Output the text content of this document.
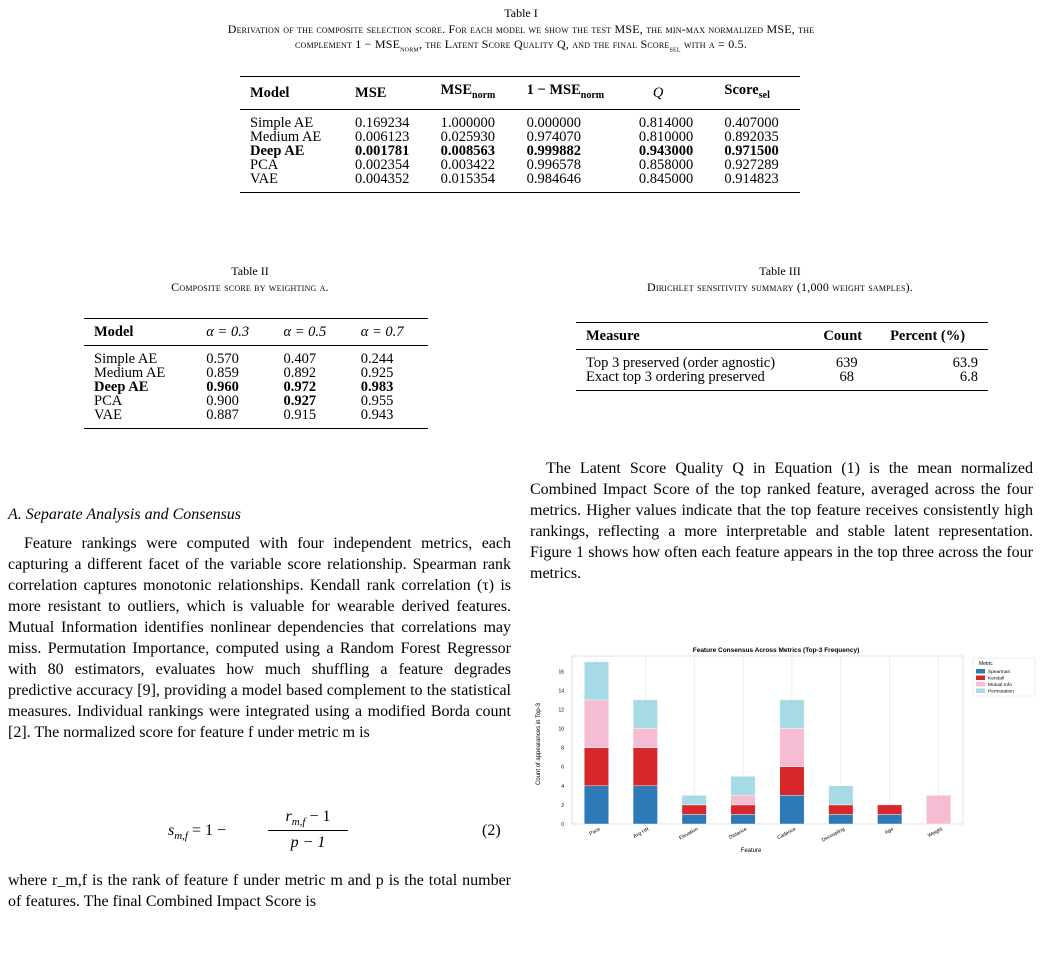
Table I
Derivation of the composite selection score. For each model we show the test MSE, the min-max normalized MSE, the
complement $1 - MSE_{norm}$, the Latent Score Quality Q, and the final Score$_{sel}$ with α = 0.5.
Model	MSE	$MSE_{norm}$	$1 - MSE_{norm}$	Q	Score$_{sel}$
Simple AE	0.169234	1.000000	0.000000	0.814000	0.407000
Medium AE	0.006123	0.025930	0.974070	0.810000	0.892035
Deep AE	0.001781	0.008563	0.999882	0.943000	0.971500
PCA	0.002354	0.003422	0.996578	0.858000	0.927289
VAE	0.004352	0.015354	0.984646	0.845000	0.914823
Table II
Composite score by weighting α.
Model	α = 0.3	α = 0.5	α = 0.7
Simple AE	0.570	0.407	0.244
Medium AE	0.859	0.892	0.925
Deep AE	0.960	0.972	0.983
PCA	0.900	0.927	0.955
VAE	0.887	0.915	0.943
Table III
Dirichlet sensitivity summary (1,000 weight samples).
Measure	Count	Percent (%)
Top 3 preserved (order agnostic)	639	63.9
Exact top 3 ordering preserved	68	6.8
A. Separate Analysis and Consensus

Feature rankings were computed with four independent metrics, each capturing a different facet of the variable score relationship. Spearman rank correlation captures monotonic relationships. Kendall rank correlation (τ) is more resistant to outliers, which is valuable for wearable derived features. Mutual Information identifies nonlinear dependencies that correlations may miss. Permutation Importance, computed using a Random Forest Regressor with 80 estimators, evaluates how much shuffling a feature degrades predictive accuracy [9], providing a model based complement to the statistical measures. Individual rankings were integrated using a modified Borda count [2]. The normalized score for feature f under metric m is

$s_{m,f} = 1$ −
$r_{m,f} - 1$
p − 1
(2)
where r_m,f is the rank of feature f under metric m and p is the total number of features. The final Combined Impact Score is

The Latent Score Quality Q in Equation (1) is the mean normalized Combined Impact Score of the top ranked feature, averaged across the four metrics. Higher values indicate that the top feature receives consistently high rankings, reflecting a more interpretable and stable latent representation. Figure 1 shows how often each feature appears in the top three across the four metrics.

Feature Consensus Across Metrics (Top-3 Frequency)
0
2
4
6
8
10
12
14
16
Pace	Avg HR	Elevation	Distance	Cadence	Decoupling	Age	Weight
Count of appearances in Top-3
Feature
Metric
Spearman
Kendall
Mutual Info
Permutation
